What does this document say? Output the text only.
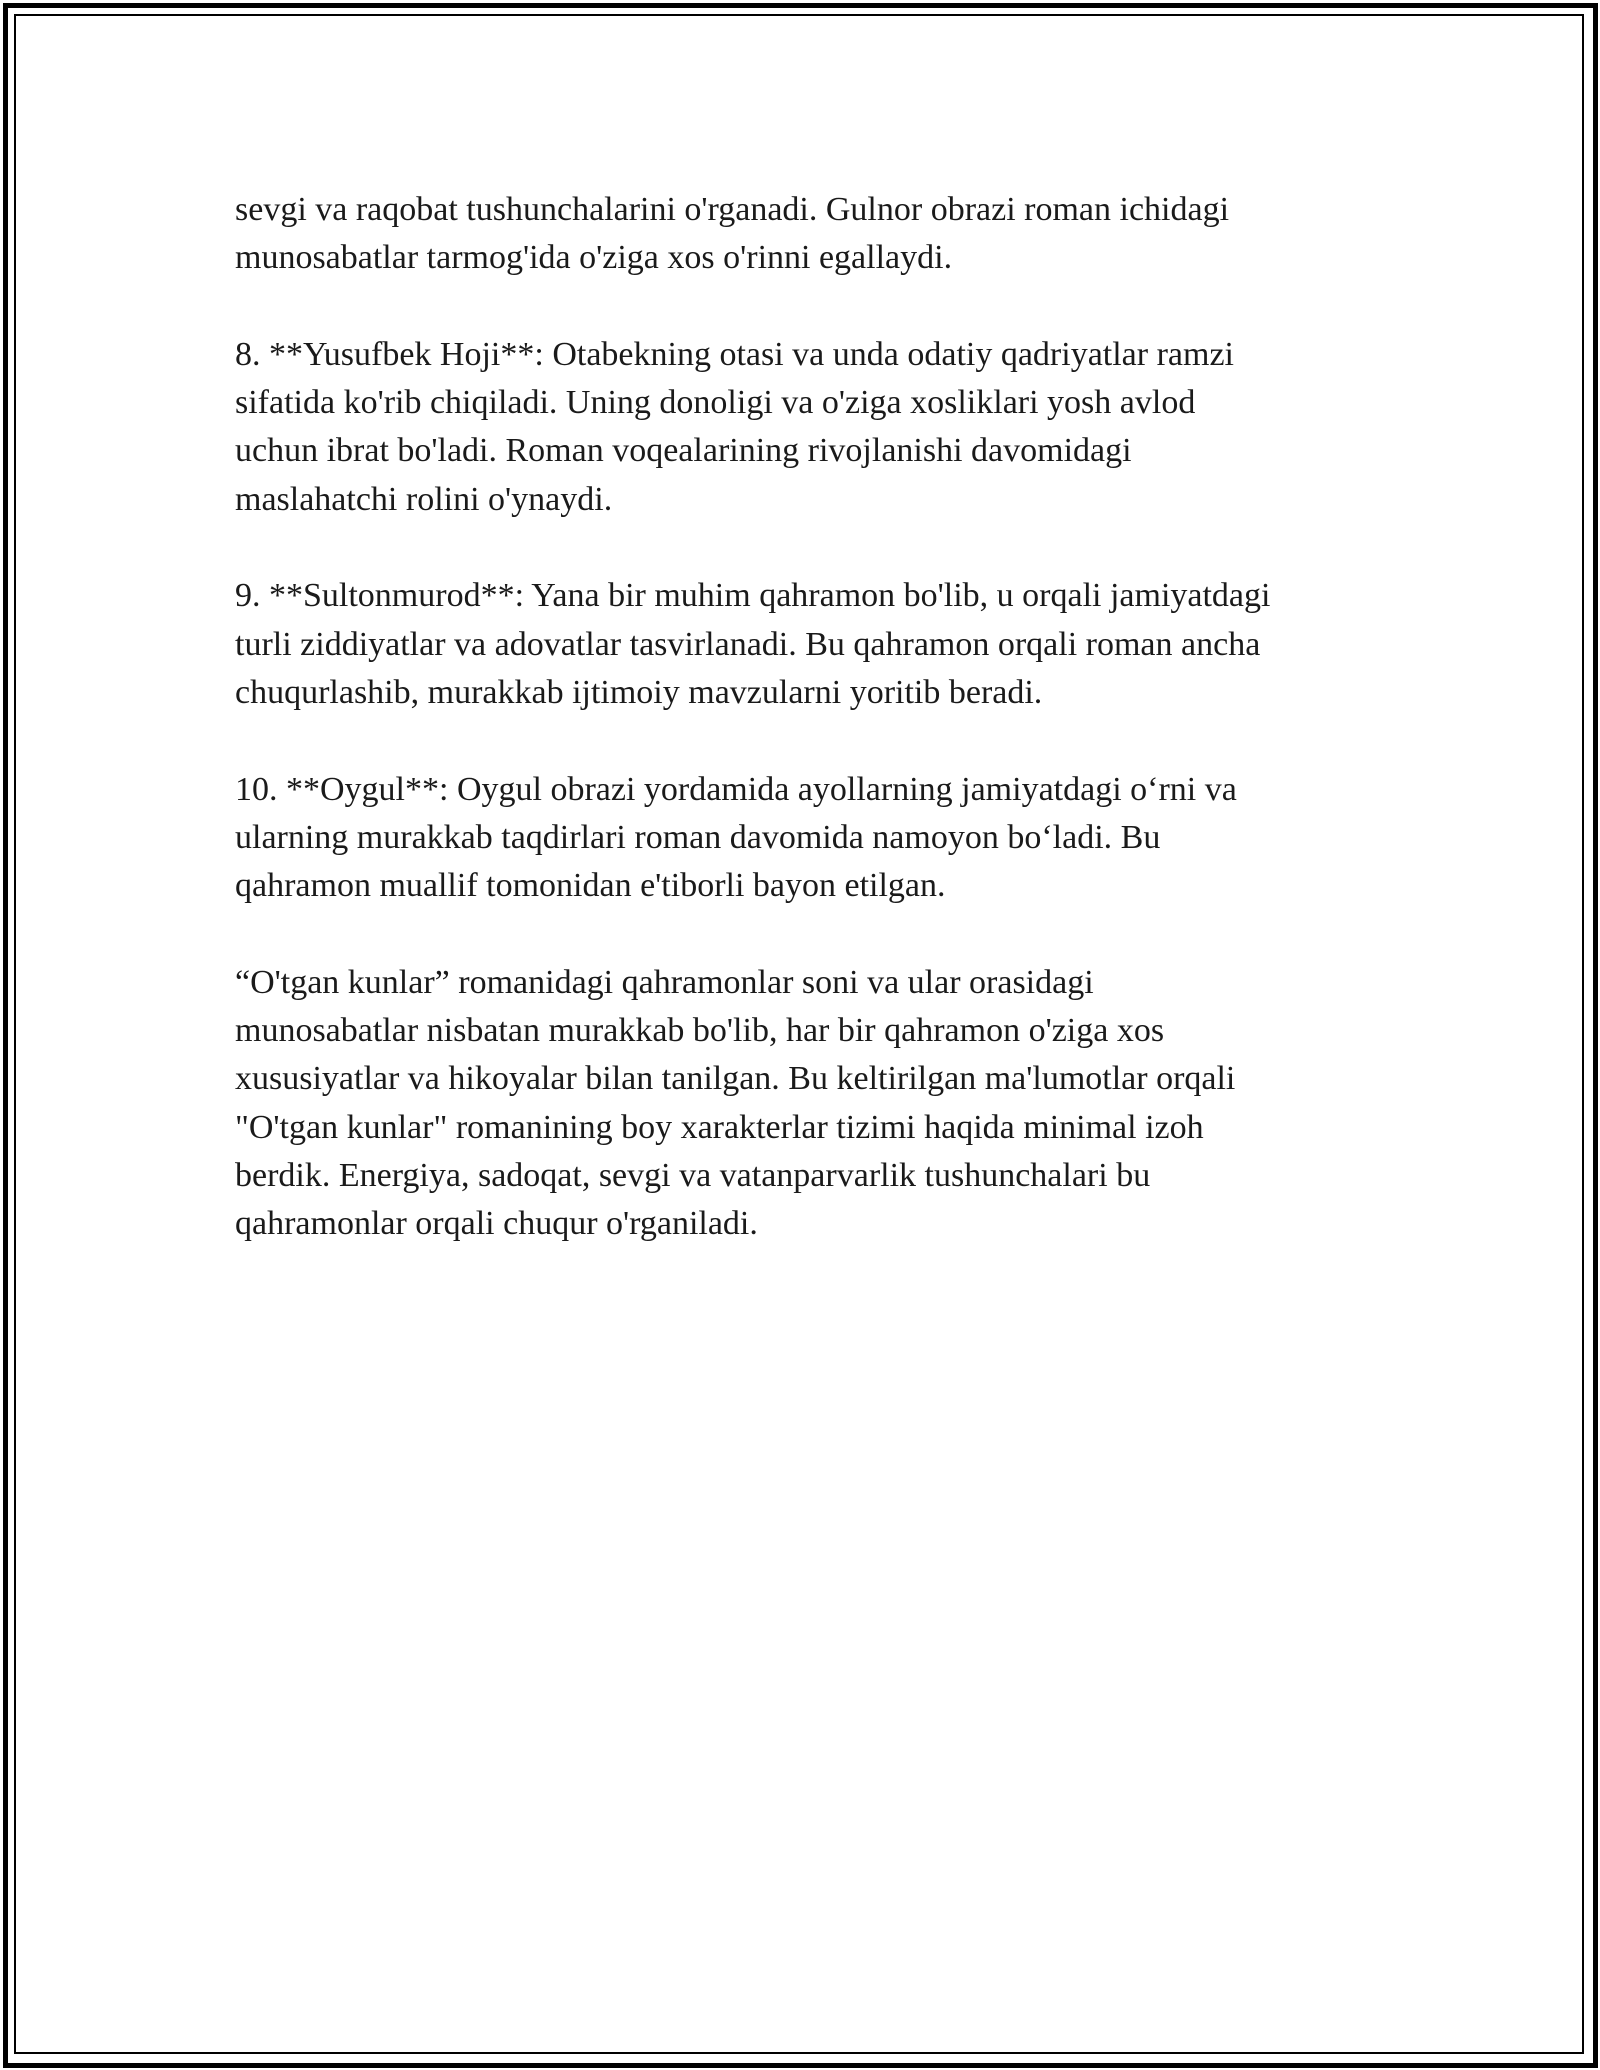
sevgi va raqobat tushunchalarini o'rganadi. Gulnor obrazi roman ichidagi
munosabatlar tarmog'ida o'ziga xos o'rinni egallaydi.

8. **Yusufbek Hoji**: Otabekning otasi va unda odatiy qadriyatlar ramzi
sifatida ko'rib chiqiladi. Uning donoligi va o'ziga xosliklari yosh avlod
uchun ibrat bo'ladi. Roman voqealarining rivojlanishi davomidagi
maslahatchi rolini o'ynaydi.

9. **Sultonmurod**: Yana bir muhim qahramon bo'lib, u orqali jamiyatdagi
turli ziddiyatlar va adovatlar tasvirlanadi. Bu qahramon orqali roman ancha
chuqurlashib, murakkab ijtimoiy mavzularni yoritib beradi.

10. **Oygul**: Oygul obrazi yordamida ayollarning jamiyatdagi o‘rni va
ularning murakkab taqdirlari roman davomida namoyon bo‘ladi. Bu
qahramon muallif tomonidan e'tiborli bayon etilgan.

“O'tgan kunlar” romanidagi qahramonlar soni va ular orasidagi
munosabatlar nisbatan murakkab bo'lib, har bir qahramon o'ziga xos
xususiyatlar va hikoyalar bilan tanilgan. Bu keltirilgan ma'lumotlar orqali
"O'tgan kunlar" romanining boy xarakterlar tizimi haqida minimal izoh
berdik. Energiya, sadoqat, sevgi va vatanparvarlik tushunchalari bu
qahramonlar orqali chuqur o'rganiladi.
